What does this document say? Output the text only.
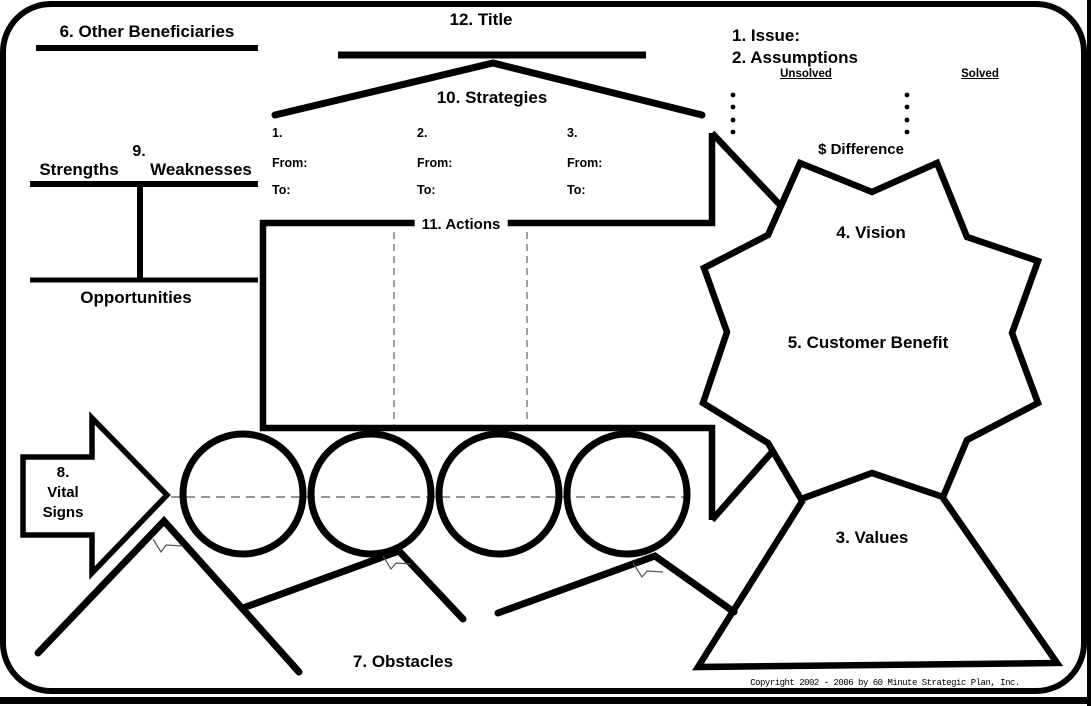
6. Other Beneficiaries
12. Title
1. Issue:
2. Assumptions
Unsolved	Solved
$ Difference
10. Strategies
1.
From:
To:
2.
From:
To:
3.
From:
To:
9.
Strengths Weaknesses
Opportunities
11. Actions	4. Vision
5. Customer Benefit
3. Values
8.
Vital
Signs
7. Obstacles
Copyright 2002 - 2006 by 60 Minute Strategic Plan, Inc.
